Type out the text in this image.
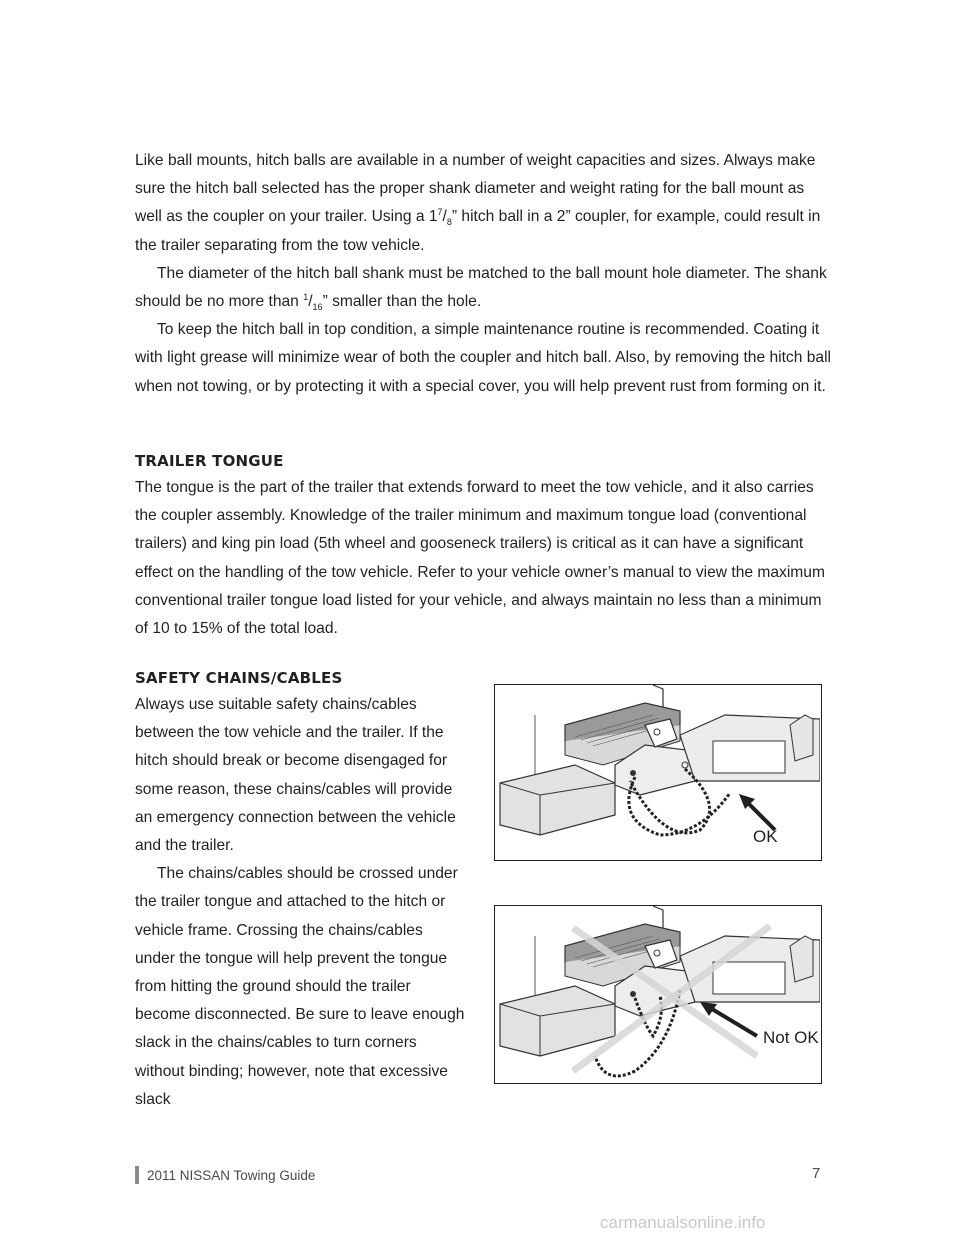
Like ball mounts, hitch balls are available in a number of weight capacities and sizes. Always make sure the hitch ball selected has the proper shank diameter and weight rating for the ball mount as well as the coupler on your trailer. Using a $1^7/_8$” hitch ball in a 2” coupler, for example, could result in the trailer separating from the tow vehicle.

The diameter of the hitch ball shank must be matched to the ball mount hole diameter. The shank should be no more than $^1/_{16}$” smaller than the hole.

To keep the hitch ball in top condition, a simple maintenance routine is recommended. Coating it with light grease will minimize wear of both the coupler and hitch ball. Also, by removing the hitch ball when not towing, or by protecting it with a special cover, you will help prevent rust from forming on it.

TRAILER TONGUE

The tongue is the part of the trailer that extends forward to meet the tow vehicle, and it also carries the coupler assembly. Knowledge of the trailer minimum and maximum tongue load (conventional trailers) and king pin load (5th wheel and gooseneck trailers) is critical as it can have a significant effect on the handling of the tow vehicle. Refer to your vehicle owner’s manual to view the maximum conventional trailer tongue load listed for your vehicle, and always maintain no less than a minimum of 10 to 15% of the total load.

SAFETY CHAINS/CABLES

Always use suitable safety chains/cables between the tow vehicle and the trailer. If the hitch should break or become disengaged for some reason, these chains/cables will provide an emergency connection between the vehicle and the trailer.

The chains/cables should be crossed under the trailer tongue and attached to the hitch or vehicle frame. Crossing the chains/cables under the tongue will help prevent the tongue from hitting the ground should the trailer become disconnected. Be sure to leave enough slack in the chains/cables to turn corners without binding; however, note that excessive slack

OK
Not OK
2011 NISSAN Towing Guide	7
carmanualsonline.info
